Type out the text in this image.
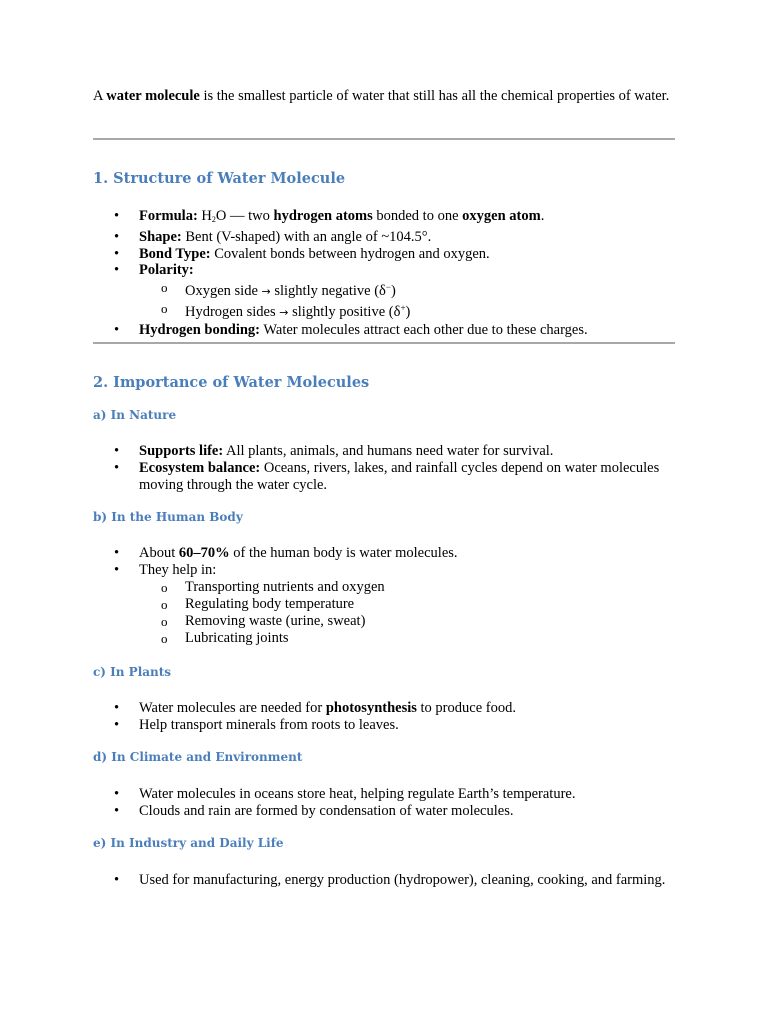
A water molecule is the smallest particle of water that still has all the chemical properties of water.

1. Structure of Water Molecule
• Formula: H2O — two hydrogen atoms bonded to one oxygen atom.
• Shape: Bent (V-shaped) with an angle of ~104.5°.
• Bond Type: Covalent bonds between hydrogen and oxygen.
• Polarity:
o Oxygen side → slightly negative (δ−)
o Hydrogen sides → slightly positive (δ+)
• Hydrogen bonding: Water molecules attract each other due to these charges.
2. Importance of Water Molecules
a) In Nature
• Supports life: All plants, animals, and humans need water for survival.
• Ecosystem balance: Oceans, rivers, lakes, and rainfall cycles depend on water molecules moving through the water cycle.
b) In the Human Body
• About 60–70% of the human body is water molecules.
• They help in:
o Transporting nutrients and oxygen
o Regulating body temperature
o Removing waste (urine, sweat)
o Lubricating joints
c) In Plants
• Water molecules are needed for photosynthesis to produce food.
• Help transport minerals from roots to leaves.
d) In Climate and Environment
• Water molecules in oceans store heat, helping regulate Earth’s temperature.
• Clouds and rain are formed by condensation of water molecules.
e) In Industry and Daily Life
• Used for manufacturing, energy production (hydropower), cleaning, cooking, and farming.
